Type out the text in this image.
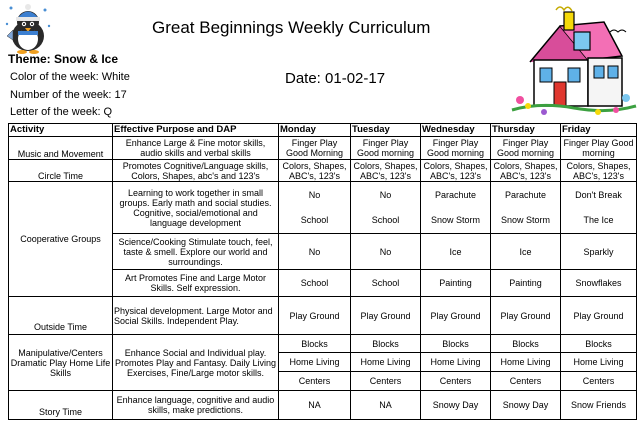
Great Beginnings Weekly Curriculum
Theme: Snow & Ice
Color of the week: White
Number of the week: 17
Letter of the week: Q
Date: 01-02-17
Activity	Effective Purpose and DAP	Monday	Tuesday	Wednesday	Thursday	Friday
Music and Movement	Enhance Large & Fine motor skills, audio skills and verbal skills	Finger Play Good Morning	Finger Play Good morning	Finger Play Good morning	Finger Play Good morning	Finger Play Good morning
Circle Time	Promotes Cognitive/Language skills, Colors, Shapes, abc's and 123's	Colors, Shapes, ABC's, 123's	Colors, Shapes, ABC's, 123's	Colors, Shapes, ABC's, 123's	Colors, Shapes, ABC's, 123's	Colors, Shapes, ABC's, 123's
Cooperative Groups	Learning to work together in small groups. Early math and social studies. Cognitive, social/emotional and language development	No	No	Parachute	Parachute	Don't Break
		School	School	Snow Storm	Snow Storm	The Ice
	Science/Cooking Stimulate touch, feel, taste & smell. Explore our world and surroundings.	No	No	Ice	Ice	Sparkly
	Art Promotes Fine and Large Motor Skills. Self expression.	School	School	Painting	Painting	Snowflakes
Outside Time	Physical development. Large Motor and Social Skills. Independent Play.	Play Ground	Play Ground	Play Ground	Play Ground	Play Ground
Manipulative/Centers Dramatic Play Home Life Skills	Enhance Social and Individual play. Promotes Play and Fantasy. Daily Living Exercises, Fine/Large motor skills.	Blocks	Blocks	Blocks	Blocks	Blocks
		Home Living	Home Living	Home Living	Home Living	Home Living
		Centers	Centers	Centers	Centers	Centers
Story Time	Enhance language, cognitive and audio skills, make predictions.	NA	NA	Snowy Day	Snowy Day	Snow Friends
